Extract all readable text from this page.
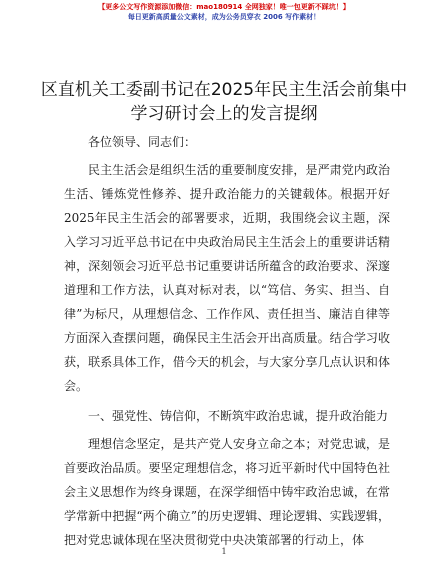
【更多公文写作资源添加微信：mao180914 全网独家！唯一包更新不踩坑！】
每日更新高质量公文素材，成为公务员穿衣 2006 写作素材！
区直机关工委副书记在2025年民主生活会前集中学习研讨会上的发言提纲

各位领导、同志们：

民主生活会是组织生活的重要制度安排，是严肃党内政治生活、锤炼党性修养、提升政治能力的关键载体。根据开好2025年民主生活会的部署要求，近期，我围绕会议主题，深入学习习近平总书记在中央政治局民主生活会上的重要讲话精神，深刻领会习近平总书记重要讲话所蕴含的政治要求、深邃道理和工作方法，认真对标对表，以“笃信、务实、担当、自律”为标尺，从理想信念、工作作风、责任担当、廉洁自律等方面深入查摆问题，确保民主生活会开出高质量。结合学习收获，联系具体工作，借今天的机会，与大家分享几点认识和体会。

一、强党性、铸信仰，不断筑牢政治忠诚，提升政治能力

理想信念坚定，是共产党人安身立命之本；对党忠诚，是首要政治品质。要坚定理想信念，将习近平新时代中国特色社会主义思想作为终身课题，在深学细悟中铸牢政治忠诚，在常学常新中把握“两个确立”的历史逻辑、理论逻辑、实践逻辑，把对党忠诚体现在坚决贯彻党中央决策部署的行动上，体

1
